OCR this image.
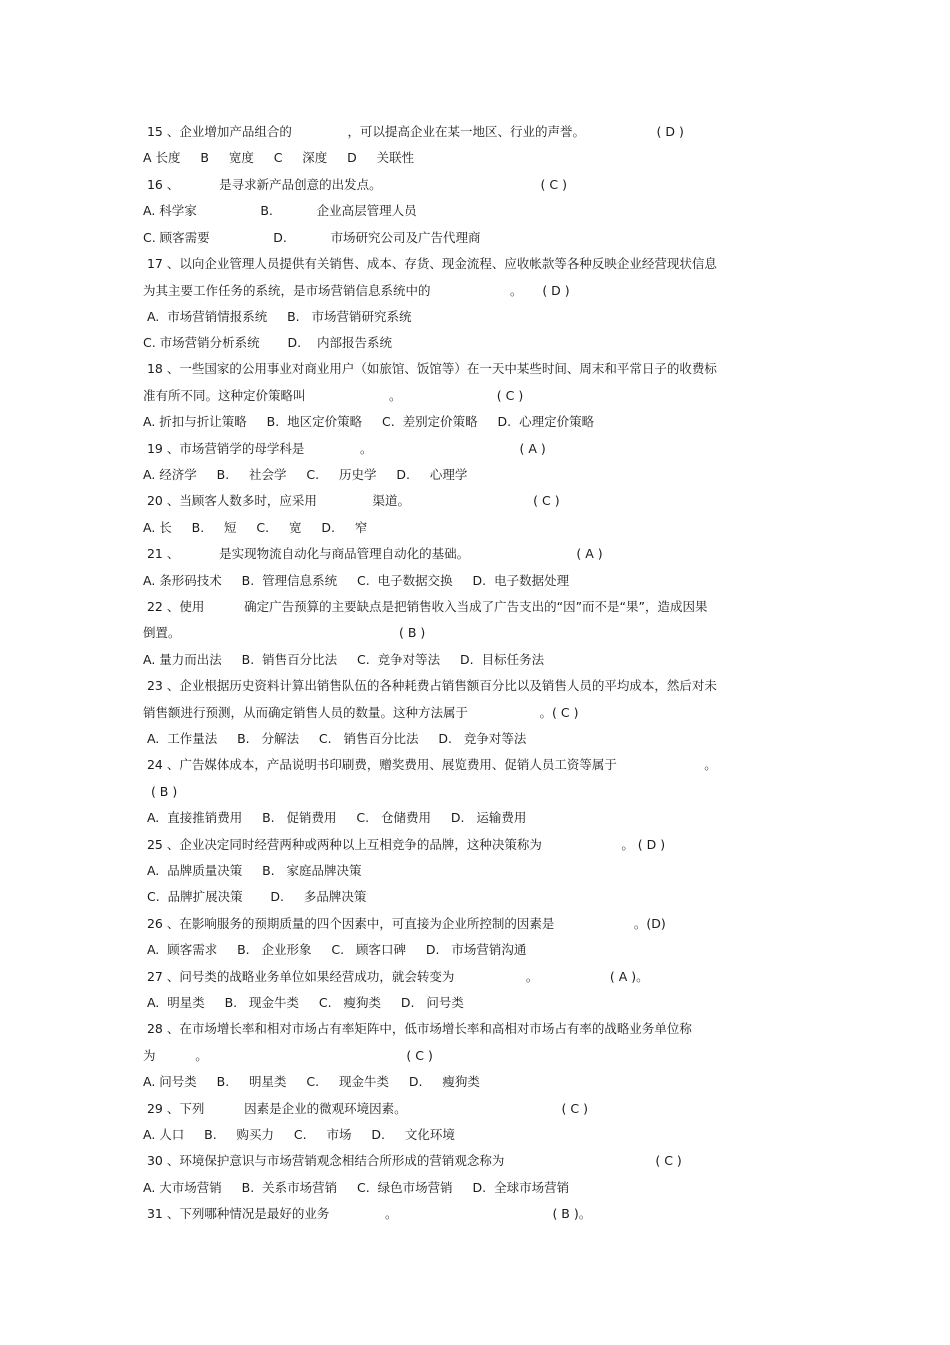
15 、企业增加产品组合的              ，可以提高企业在某一地区、行业的声誉。                  ( D )
A 长度     B     宽度     C     深度     D     关联性
16 、          是寻求新产品创意的出发点。                                        ( C )
A. 科学家                B.           企业高层管理人员
C. 顾客需要                D.           市场研究公司及广告代理商
17 、以向企业管理人员提供有关销售、成本、存货、现金流程、应收帐款等各种反映企业经营现状信息
为其主要工作任务的系统，是市场营销信息系统中的                    。     ( D )
A.  市场营销情报系统     B.   市场营销研究系统
C. 市场营销分析系统       D.    内部报告系统
18 、一些国家的公用事业对商业用户（如旅馆、饭馆等）在一天中某些时间、周末和平常日子的收费标
准有所不同。这种定价策略叫                     。                        ( C )
A. 折扣与折让策略     B.  地区定价策略     C.  差别定价策略     D.  心理定价策略
19 、市场营销学的母学科是              。                                     ( A )
A. 经济学     B.     社会学     C.     历史学     D.     心理学
20 、当顾客人数多时，应采用              渠道。                               ( C )
A. 长     B.     短     C.     宽     D.     窄
21 、          是实现物流自动化与商品管理自动化的基础。                           ( A )
A. 条形码技术     B.  管理信息系统     C.  电子数据交换     D.  电子数据处理
22 、使用          确定广告预算的主要缺点是把销售收入当成了广告支出的“因”而不是“果”，造成因果
倒置。                                                       ( B )
A. 量力而出法     B.  销售百分比法     C.  竞争对等法     D.  目标任务法
23 、企业根据历史资料计算出销售队伍的各种耗费占销售额百分比以及销售人员的平均成本，然后对未
销售额进行预测，从而确定销售人员的数量。这种方法属于                  。( C )
A.  工作量法     B.   分解法     C.   销售百分比法     D.   竞争对等法
24 、广告媒体成本，产品说明书印刷费，赠奖费用、展览费用、促销人员工资等属于                      。
( B )
A.  直接推销费用     B.   促销费用     C.   仓储费用     D.   运输费用
25 、企业决定同时经营两种或两种以上互相竞争的品牌，这种决策称为                    。 ( D )
A.  品牌质量决策     B.   家庭品牌决策
C.  品牌扩展决策       D.     多品牌决策
26 、在影响服务的预期质量的四个因素中，可直接为企业所控制的因素是                    。(D)
A.  顾客需求     B.   企业形象     C.   顾客口碑     D.   市场营销沟通
27 、问号类的战略业务单位如果经营成功，就会转变为                  。                  ( A )。
A.  明星类     B.   现金牛类     C.   瘦狗类     D.   问号类
28 、在市场增长率和相对市场占有率矩阵中，低市场增长率和高相对市场占有率的战略业务单位称
为          。                                                  ( C )
A. 问号类     B.     明星类     C.     现金牛类     D.     瘦狗类
29 、下列          因素是企业的微观环境因素。                                       ( C )
A. 人口     B.     购买力     C.     市场     D.     文化环境
30 、环境保护意识与市场营销观念相结合所形成的营销观念称为                                      ( C )
A. 大市场营销     B.  关系市场营销     C.  绿色市场营销     D.  全球市场营销
31 、下列哪种情况是最好的业务              。                                       ( B )。
